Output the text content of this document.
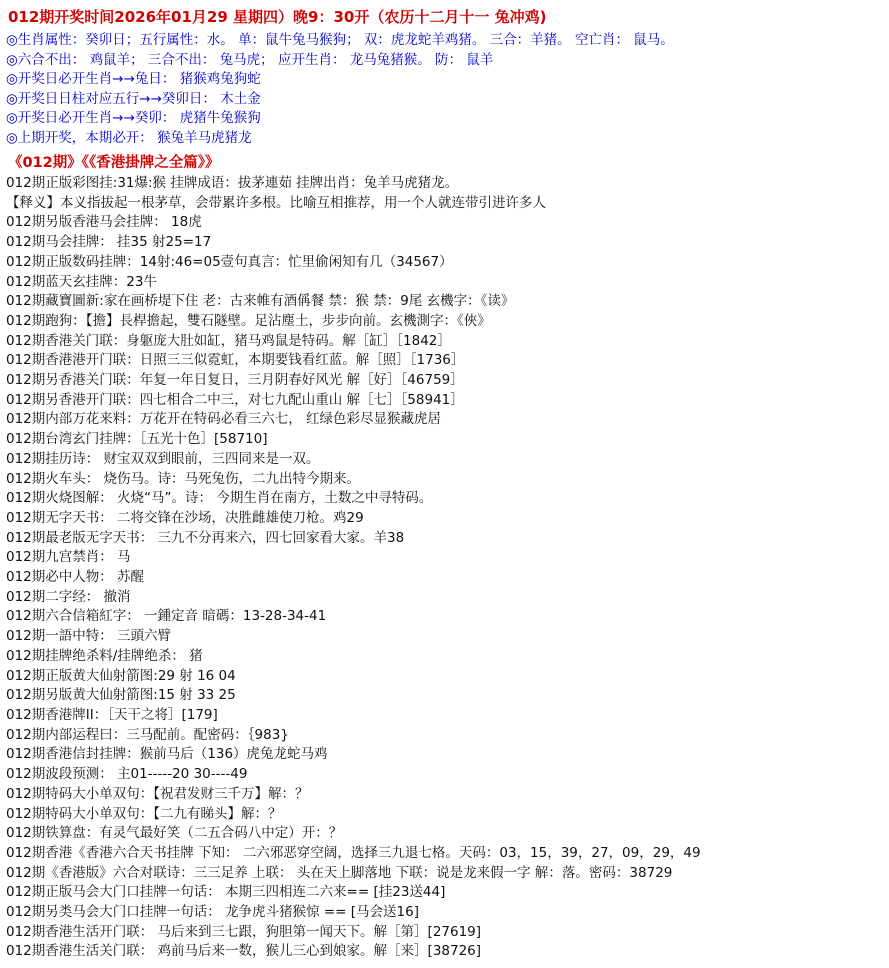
012期开奖时间2026年01月29 星期四）晚9：30开（农历十二月十一 兔冲鸡)
◎生肖属性：癸卯日；五行属性：水。 单：鼠牛兔马猴狗； 双：虎龙蛇羊鸡猪。 三合：羊猪。 空亡肖： 鼠马。
◎六合不出： 鸡鼠羊； 三合不出： 兔马虎； 应开生肖： 龙马兔猪猴。 防： 鼠羊
◎开奖日必开生肖→→兔日： 猪猴鸡兔狗蛇
◎开奖日日柱对应五行→→癸卯日： 木土金
◎开奖日必开生肖→→癸卯： 虎猪牛兔猴狗
◎上期开奖，本期必开： 猴兔羊马虎猪龙
《012期》《《香港掛牌之全篇》》
012期正版彩图挂:31爆:猴 挂牌成语：拔茅連茹 挂牌出肖：兔羊马虎猪龙。
【释义】本义指拔起一根茅草，会带累许多根。比喻互相推荐，用一个人就连带引进许多人
012期另版香港马会挂牌： 18虎
012期马会挂牌： 挂35 射25=17
012期正版数码挂牌：14射:46=05壹句真言：忙里偷闲知有几（34567）
012期蓝天玄挂牌：23牛
012期藏寶圖新:家在画桥堤下住 老：古来帷有酒偁餐 禁：猴 禁：9尾 玄機字：《读》
012期跑狗：【擔】長桿擔起，雙石隧壁。足沾塵土，步步向前。玄機測字：《俠》
012期香港关门联：身躯庞大肚如缸，猪马鸡鼠是特码。解［缸］［1842］
012期香港港开门联：日照三三似霓虹，本期要钱看红蓝。解［照］［1736］
012期另香港关门联：年复一年日复日，三月阴春好风光 解［好］［46759］
012期另香港开门联：四七相合二中三，对七九配山重山 解［七］［58941］
012期内部万花来料：万花开在特码必看三六七， 红绿色彩尽显猴藏虎居
012期台湾玄门挂牌：［五光十色］[58710]
012期挂历诗： 财宝双双到眼前，三四同来是一双。
012期火车头： 烧伤马。诗：马死兔伤，二九出特今期来。
012期火烧图解： 火烧“马”。诗： 今期生肖在南方，土数之中寻特码。
012期无字天书： 二将交锋在沙场，决胜雌雄使刀枪。鸡29
012期最老版无字天书： 三九不分再来六，四七回家看大家。羊38
012期九宫禁肖： 马
012期必中人物： 苏醒
012期二字经： 撤消
012期六合信箱紅字： 一鍾定音 暗碼：13-28-34-41
012期一語中特： 三頭六臂
012期挂牌绝杀料/挂牌绝杀： 猪
012期正版黄大仙射箭图:29 射 16 04
012期另版黄大仙射箭图:15 射 33 25
012期香港牌II：［天干之将］[179]
012期内部运程曰：三马配前。配密码：｛983}
012期香港信封挂牌：猴前马后（136）虎兔龙蛇马鸡
012期波段预测： 主01-----20 30----49
012期特码大小单双句：【祝君发财三千万】解：？
012期特码大小单双句：【二九有睇头】解：？
012期铁算盘：有灵气最好笑（二五合码八中定）开：？
012期香港《香港六合天书挂牌 下知： 二六邪恶穿空阔，选择三九退七格。天码：03，15，39，27，09，29，49
012期《香港版》六合对联诗：三三足养 上联： 头在天上脚落地 下联：说是龙来假一字 解：落。密码：38729
012期正版马会大门口挂牌一句话： 本期三四相连二六来== [挂23送44]
012期另类马会大门口挂牌一句话： 龙争虎斗猪猴惊 == [马会送16]
012期香港生活开门联： 马后来到三七跟，狗胆第一闻天下。解［第］[27619]
012期香港生活关门联： 鸡前马后来一数，猴儿三心到娘家。解［来］[38726]
